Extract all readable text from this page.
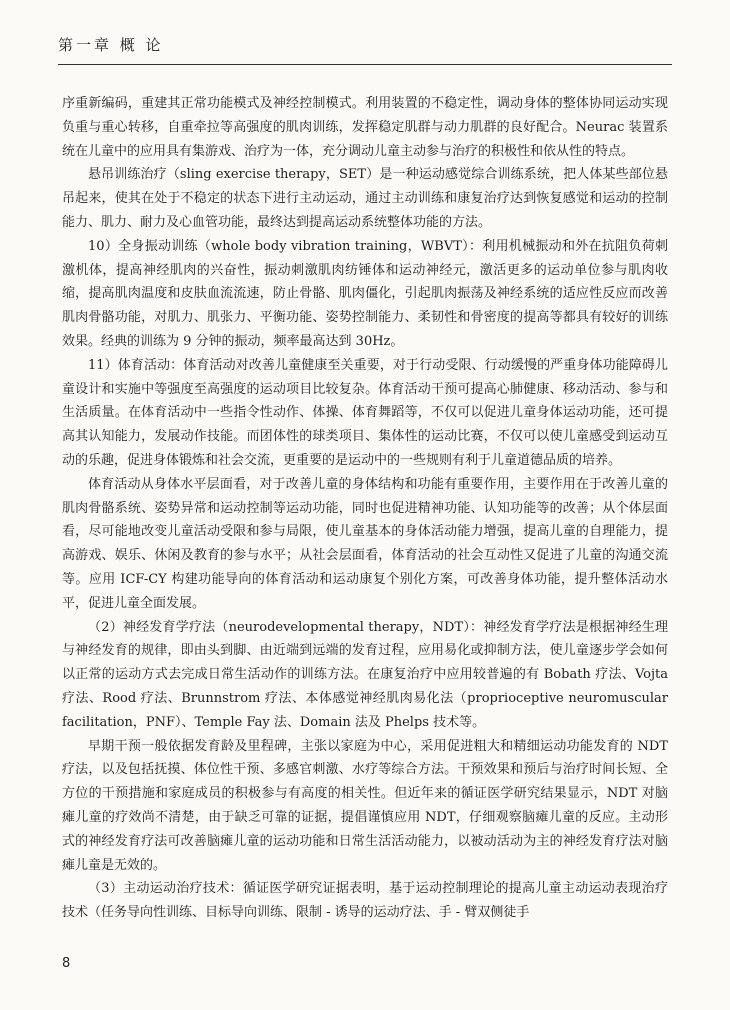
第一章 概 论

序重新编码，重建其正常功能模式及神经控制模式。利用装置的不稳定性，调动身体的整体协同运动实现负重与重心转移，自重牵拉等高强度的肌肉训练，发挥稳定肌群与动力肌群的良好配合。Neurac 装置系统在儿童中的应用具有集游戏、治疗为一体，充分调动儿童主动参与治疗的积极性和依从性的特点。

悬吊训练治疗（sling exercise therapy，SET）是一种运动感觉综合训练系统，把人体某些部位悬吊起来，使其在处于不稳定的状态下进行主动运动，通过主动训练和康复治疗达到恢复感觉和运动的控制能力、肌力、耐力及心血管功能，最终达到提高运动系统整体功能的方法。

10）全身振动训练（whole body vibration training，WBVT）：利用机械振动和外在抗阻负荷刺激机体，提高神经肌肉的兴奋性，振动刺激肌肉纺锤体和运动神经元，激活更多的运动单位参与肌肉收缩，提高肌肉温度和皮肤血流流速，防止骨骼、肌肉僵化，引起肌肉振荡及神经系统的适应性反应而改善肌肉骨骼功能，对肌力、肌张力、平衡功能、姿势控制能力、柔韧性和骨密度的提高等都具有较好的训练效果。经典的训练为 9 分钟的振动，频率最高达到 30Hz。

11）体育活动：体育活动对改善儿童健康至关重要，对于行动受限、行动缓慢的严重身体功能障碍儿童设计和实施中等强度至高强度的运动项目比较复杂。体育活动干预可提高心肺健康、移动活动、参与和生活质量。在体育活动中一些指令性动作、体操、体育舞蹈等，不仅可以促进儿童身体运动功能，还可提高其认知能力，发展动作技能。而团体性的球类项目、集体性的运动比赛，不仅可以使儿童感受到运动互动的乐趣，促进身体锻炼和社会交流，更重要的是运动中的一些规则有利于儿童道德品质的培养。

体育活动从身体水平层面看，对于改善儿童的身体结构和功能有重要作用，主要作用在于改善儿童的肌肉骨骼系统、姿势异常和运动控制等运动功能，同时也促进精神功能、认知功能等的改善；从个体层面看，尽可能地改变儿童活动受限和参与局限，使儿童基本的身体活动能力增强，提高儿童的自理能力，提高游戏、娱乐、休闲及教育的参与水平；从社会层面看，体育活动的社会互动性又促进了儿童的沟通交流等。应用 ICF-CY 构建功能导向的体育活动和运动康复个别化方案，可改善身体功能，提升整体活动水平，促进儿童全面发展。

（2）神经发育学疗法（neurodevelopmental therapy，NDT）：神经发育学疗法是根据神经生理与神经发育的规律，即由头到脚、由近端到远端的发育过程，应用易化或抑制方法，使儿童逐步学会如何以正常的运动方式去完成日常生活动作的训练方法。在康复治疗中应用较普遍的有 Bobath 疗法、Vojta 疗法、Rood 疗法、Brunnstrom 疗法、本体感觉神经肌肉易化法（proprioceptive neuromuscular facilitation，PNF）、Temple Fay 法、Domain 法及 Phelps 技术等。

早期干预一般依据发育龄及里程碑，主张以家庭为中心，采用促进粗大和精细运动功能发育的 NDT 疗法，以及包括抚摸、体位性干预、多感官刺激、水疗等综合方法。干预效果和预后与治疗时间长短、全方位的干预措施和家庭成员的积极参与有高度的相关性。但近年来的循证医学研究结果显示，NDT 对脑瘫儿童的疗效尚不清楚，由于缺乏可靠的证据，提倡谨慎应用 NDT，仔细观察脑瘫儿童的反应。主动形式的神经发育疗法可改善脑瘫儿童的运动功能和日常生活活动能力，以被动活动为主的神经发育疗法对脑瘫儿童是无效的。

（3）主动运动治疗技术：循证医学研究证据表明，基于运动控制理论的提高儿童主动运动表现治疗技术（任务导向性训练、目标导向训练、限制 - 诱导的运动疗法、手 - 臂双侧徒手

8
